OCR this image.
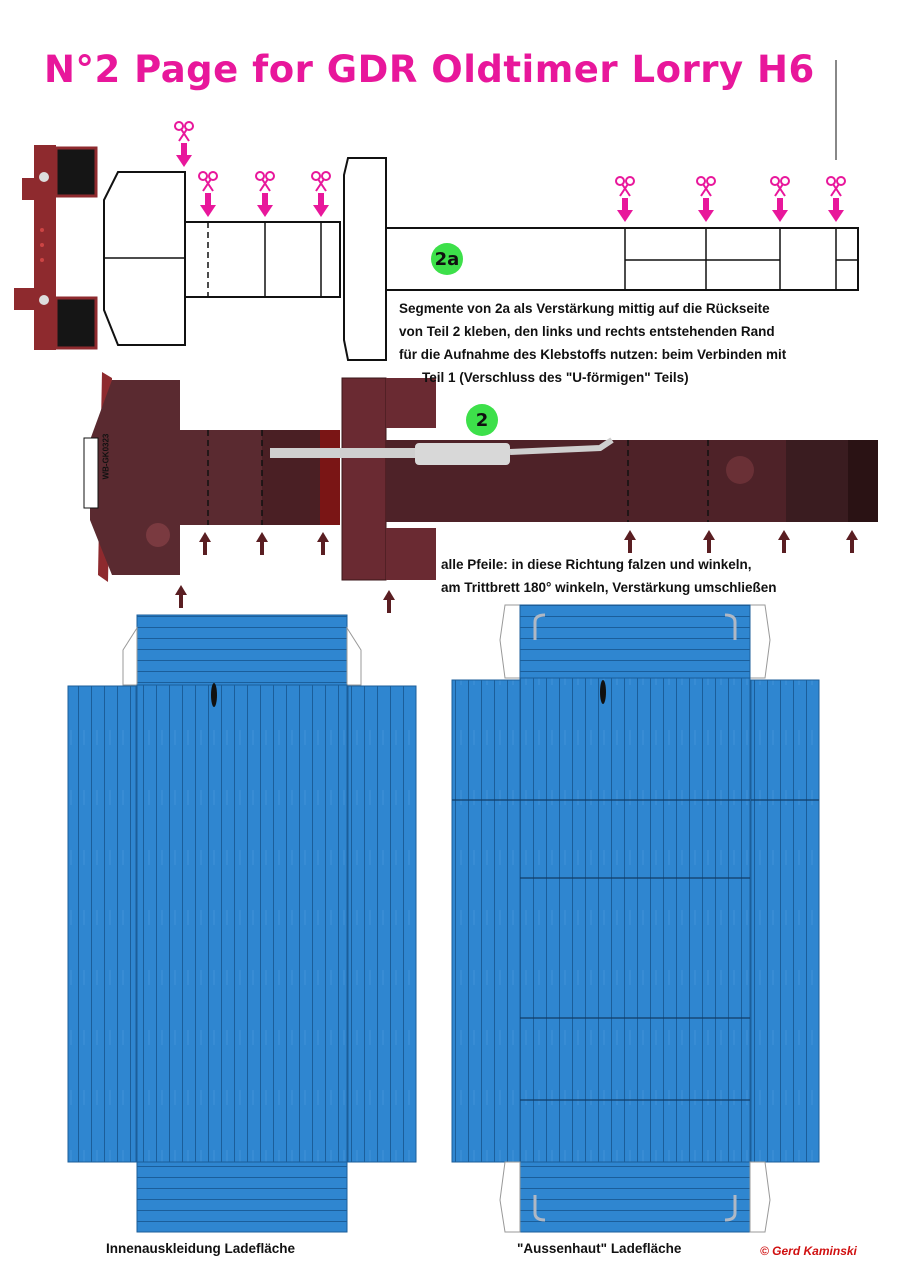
N°2 Page for GDR Oldtimer Lorry H6
2a
2
WB-GK0323
Segmente von 2a als Verstärkung mittig auf die Rückseite
von Teil 2 kleben, den links und rechts entstehenden Rand
für die Aufnahme des Klebstoffs nutzen: beim Verbinden mit
Teil 1 (Verschluss des "U-förmigen" Teils)
alle Pfeile: in diese Richtung falzen und winkeln,
am Trittbrett 180° winkeln, Verstärkung umschließen
Innenauskleidung Ladefläche	"Aussenhaut" Ladefläche	© Gerd Kaminski
